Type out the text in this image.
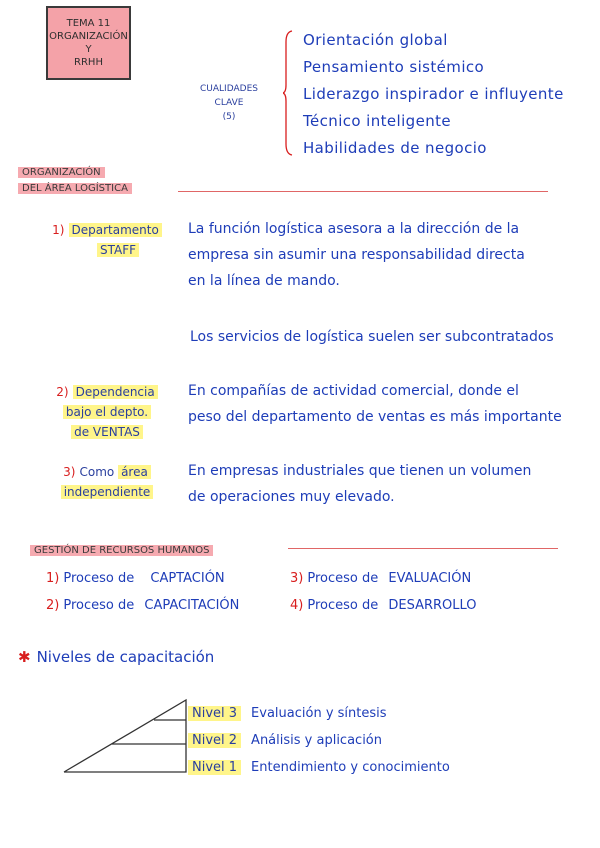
TEMA 11
ORGANIZACIÓN
Y
RRHH
CUALIDADES
CLAVE
(5)
Orientación global
Pensamiento sistémico
Liderazgo inspirador e influyente
Técnico inteligente
Habilidades de negocio
ORGANIZACIÓN
DEL ÁREA LOGÍSTICA
1) Departamento
STAFF
La función logística asesora a la dirección de la
empresa sin asumir una responsabilidad directa
en la línea de mando.
Los servicios de logística suelen ser subcontratados
2) Dependencia
bajo el depto.
de VENTAS
En compañías de actividad comercial, donde el
peso del departamento de ventas es más importante
3) Como área
independiente
En empresas industriales que tienen un volumen
de operaciones muy elevado.
GESTIÓN DE RECURSOS HUMANOS
1) Proceso de CAPTACIÓN
2) Proceso de CAPACITACIÓN
3) Proceso de EVALUACIÓN
4) Proceso de DESARROLLO
✱ Niveles de capacitación
Nivel 3 Evaluación y síntesis
Nivel 2 Análisis y aplicación
Nivel 1 Entendimiento y conocimiento
